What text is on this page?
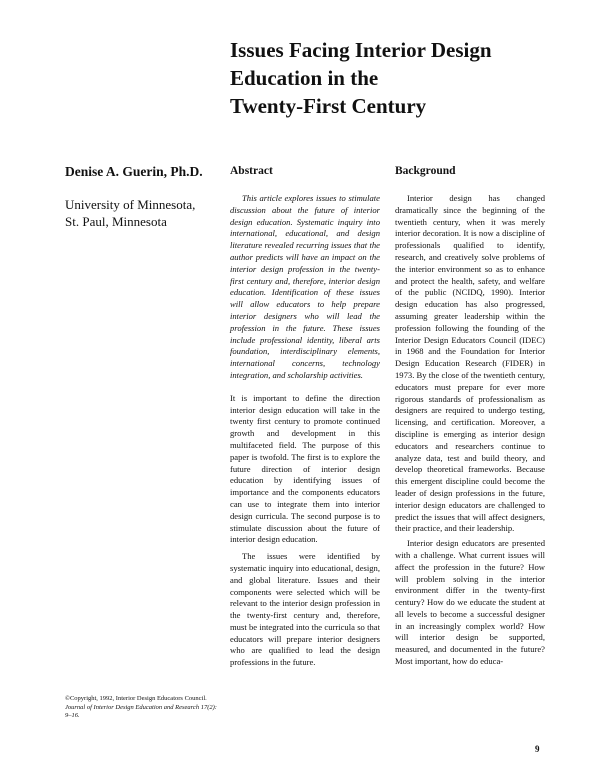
Issues Facing Interior Design
Education in the
Twenty-First Century

Denise A. Guerin, Ph.D.

University of Minnesota,
St. Paul, Minnesota

Abstract	Background

This article explores issues to stimulate discussion about the future of interior design education. Systematic inquiry into international, educational, and design literature revealed recurring issues that the author predicts will have an impact on the interior design profession in the twenty-first century and, therefore, interior design education. Identification of these issues will allow educators to help prepare interior designers who will lead the profession in the future. These issues include professional identity, liberal arts foundation, interdisciplinary elements, international concerns, technology integration, and scholarship activities.

It is important to define the direction interior design education will take in the twenty first century to promote continued growth and development in this multifaceted field. The purpose of this paper is twofold. The first is to explore the future direction of interior design education by identifying issues of importance and the components educators can use to integrate them into interior design curricula. The second purpose is to stimulate discussion about the future of interior design education.

The issues were identified by systematic inquiry into educational, design, and global literature. Issues and their components were selected which will be relevant to the interior design profession in the twenty-first century and, therefore, must be integrated into the curricula so that educators will prepare interior designers who are qualified to lead the design professions in the future.

Interior design has changed dramatically since the beginning of the twentieth century, when it was merely interior decoration. It is now a discipline of professionals qualified to identify, research, and creatively solve problems of the interior environment so as to enhance and protect the health, safety, and welfare of the public (NCIDQ, 1990). Interior design education has also progressed, assuming greater leadership within the profession following the founding of the Interior Design Educators Council (IDEC) in 1968 and the Foundation for Interior Design Education Research (FIDER) in 1973. By the close of the twentieth century, educators must prepare for ever more rigorous standards of professionalism as designers are required to undergo testing, licensing, and certification. Moreover, a discipline is emerging as interior design educators and researchers continue to analyze data, test and build theory, and develop theoretical frameworks. Because this emergent discipline could become the leader of design professions in the future, interior design educators are challenged to predict the issues that will affect designers, their practice, and their leadership.

Interior design educators are presented with a challenge. What current issues will affect the profession in the future? How will problem solving in the interior environment differ in the twenty-first century? How do we educate the student at all levels to become a successful designer in an increasingly complex world? How will interior design be supported, measured, and documented in the future? Most important, how do educa-

©Copyright, 1992, Interior Design Educators Council. Journal of Interior Design Education and Research 17(2): 9–16.

9
